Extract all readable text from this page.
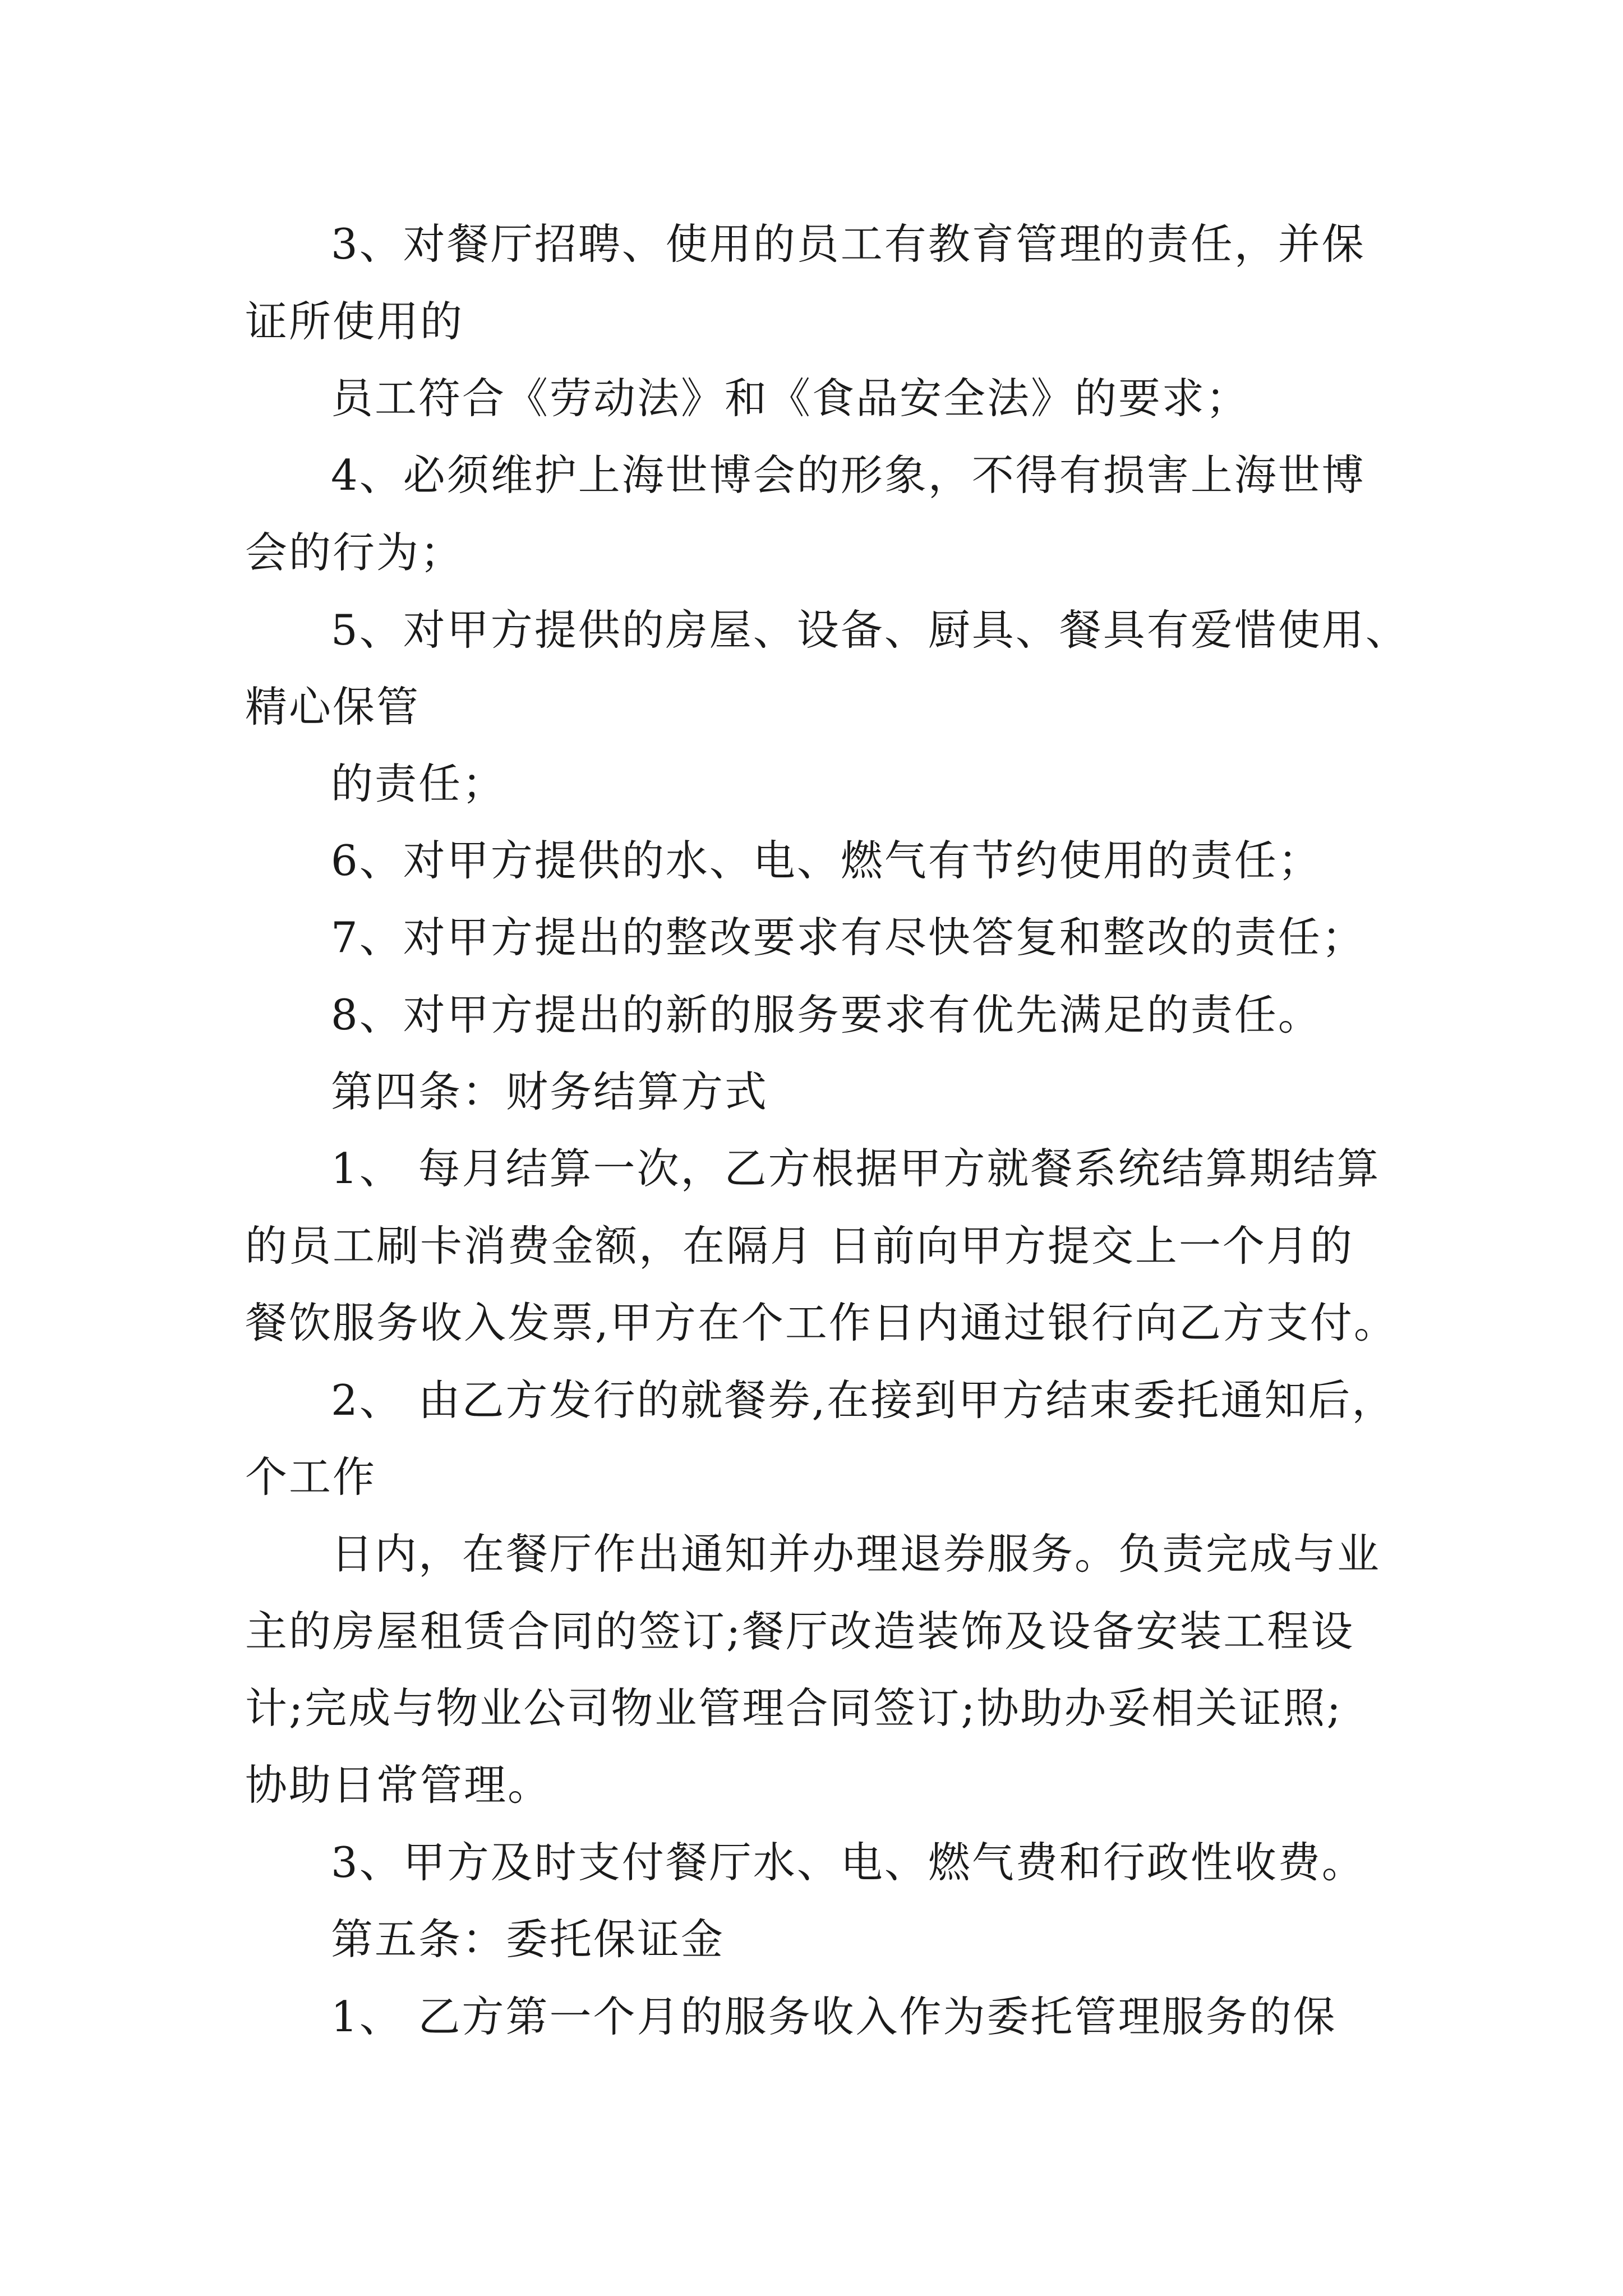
3、对餐厅招聘、使用的员工有教育管理的责任，并保
证所使用的
员工符合《劳动法》和《食品安全法》的要求；
4、必须维护上海世博会的形象，不得有损害上海世博
会的行为；
5、对甲方提供的房屋、设备、厨具、餐具有爱惜使用、
精心保管
的责任；
6、对甲方提供的水、电、燃气有节约使用的责任；
7、对甲方提出的整改要求有尽快答复和整改的责任；
8、对甲方提出的新的服务要求有优先满足的责任。
第四条：财务结算方式
1、 每月结算一次，乙方根据甲方就餐系统结算期结算
的员工刷卡消费金额，在隔月 日前向甲方提交上一个月的
餐饮服务收入发票,甲方在个工作日内通过银行向乙方支付。
2、 由乙方发行的就餐券,在接到甲方结束委托通知后，
个工作
日内，在餐厅作出通知并办理退券服务。负责完成与业
主的房屋租赁合同的签订;餐厅改造装饰及设备安装工程设
计;完成与物业公司物业管理合同签订;协助办妥相关证照;
协助日常管理。
3、甲方及时支付餐厅水、电、燃气费和行政性收费。
第五条：委托保证金
1、 乙方第一个月的服务收入作为委托管理服务的保
